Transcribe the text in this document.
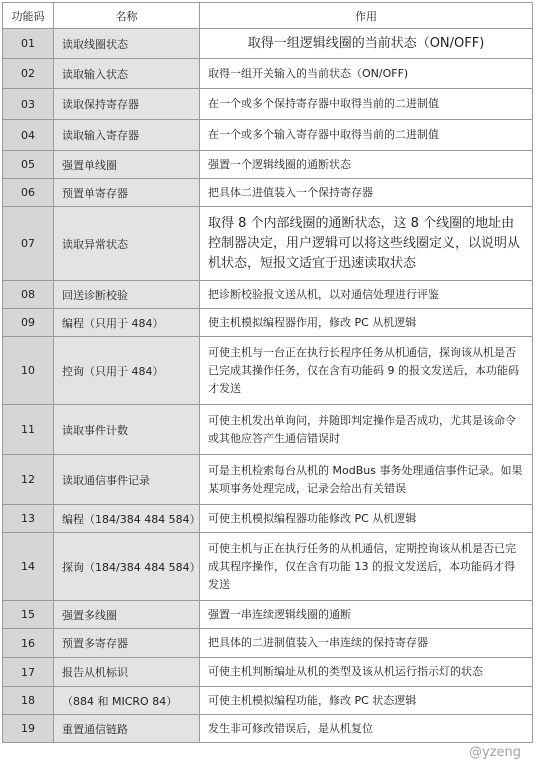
功能码	名称	作用
01	读取线圈状态	取得一组逻辑线圈的当前状态（ON/OFF)
02	读取输入状态	取得一组开关输入的当前状态（ON/OFF)
03	读取保持寄存器	在一个或多个保持寄存器中取得当前的二进制值
04	读取输入寄存器	在一个或多个输入寄存器中取得当前的二进制值
05	强置单线圈	强置一个逻辑线圈的通断状态
06	预置单寄存器	把具体二进值装入一个保持寄存器
07	读取异常状态	取得 8 个内部线圈的通断状态，这 8 个线圈的地址由控制器决定，用户逻辑可以将这些线圈定义，以说明从机状态，短报文适宜于迅速读取状态
08	回送诊断校验	把诊断校验报文送从机，以对通信处理进行评鉴
09	编程（只用于 484）	使主机模拟编程器作用，修改 PC 从机逻辑
10	控询（只用于 484）	可使主机与一台正在执行长程序任务从机通信，探询该从机是否已完成其操作任务，仅在含有功能码 9 的报文发送后，本功能码才发送
11	读取事件计数	可使主机发出单询问，并随即判定操作是否成功，尤其是该命令或其他应答产生通信错误时
12	读取通信事件记录	可是主机检索每台从机的 ModBus 事务处理通信事件记录。如果某项事务处理完成，记录会给出有关错误
13	编程（184/384 484 584）	可使主机模拟编程器功能修改 PC 从机逻辑
14	探询（184/384 484 584）	可使主机与正在执行任务的从机通信，定期控询该从机是否已完成其程序操作，仅在含有功能 13 的报文发送后，本功能码才得发送
15	强置多线圈	强置一串连续逻辑线圈的通断
16	预置多寄存器	把具体的二进制值装入一串连续的保持寄存器
17	报告从机标识	可使主机判断编址从机的类型及该从机运行指示灯的状态
18	（884 和 MICRO 84）	可使主机模拟编程功能，修改 PC 状态逻辑
19	重置通信链路	发生非可修改错误后，是从机复位
@yzeng
